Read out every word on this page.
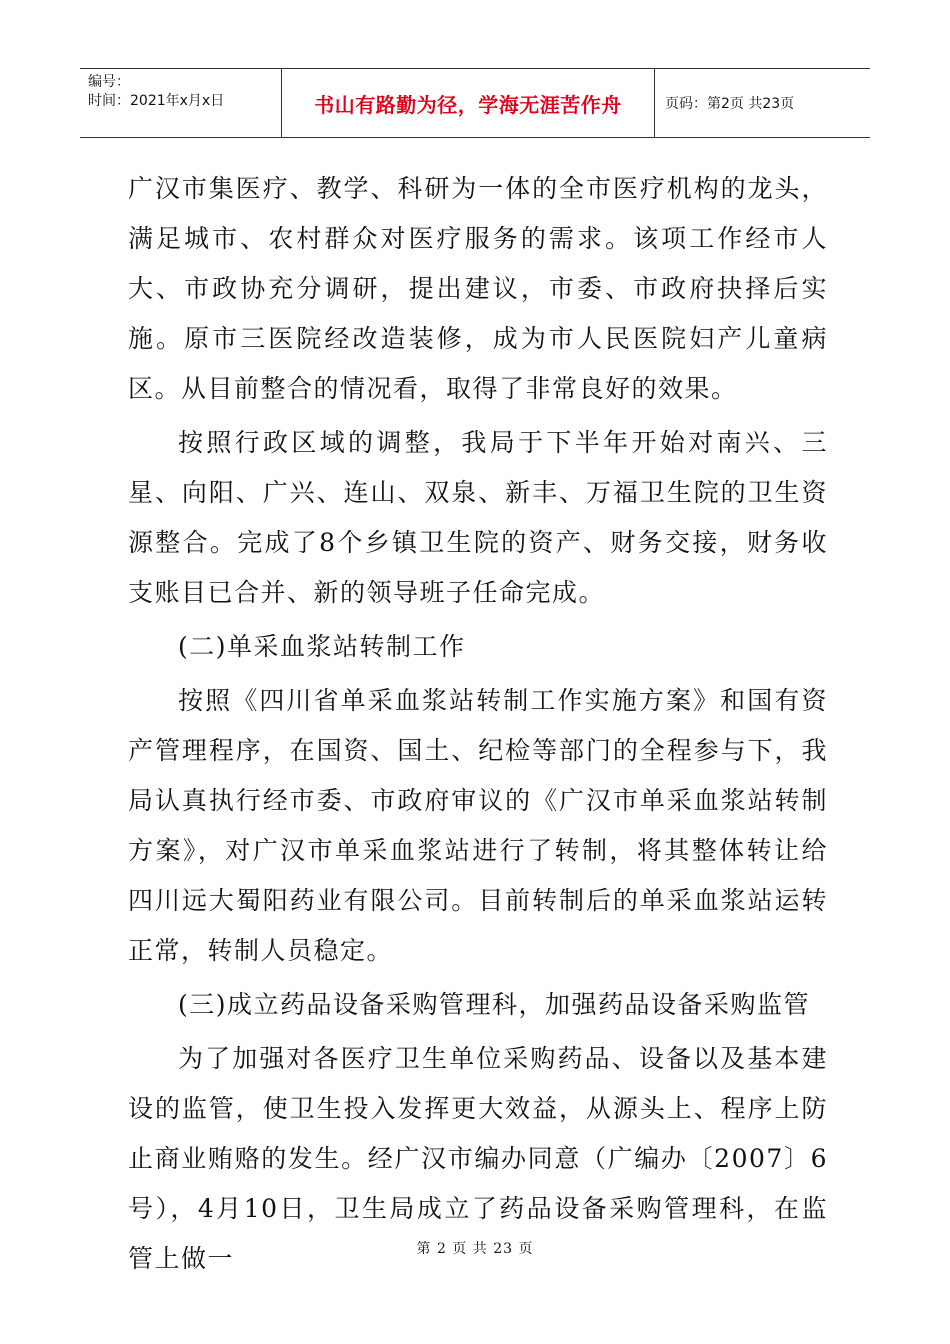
编号：
时间：2021年x月x日	书山有路勤为径，学海无涯苦作舟	页码：第2页 共23页

广汉市集医疗、教学、科研为一体的全市医疗机构的龙头，满足城市、农村群众对医疗服务的需求。该项工作经市人大、市政协充分调研，提出建议，市委、市政府抉择后实施。原市三医院经改造装修，成为市人民医院妇产儿童病区。从目前整合的情况看，取得了非常良好的效果。

按照行政区域的调整，我局于下半年开始对南兴、三星、向阳、广兴、连山、双泉、新丰、万福卫生院的卫生资源整合。完成了8个乡镇卫生院的资产、财务交接，财务收支账目已合并、新的领导班子任命完成。

(二)单采血浆站转制工作

按照《四川省单采血浆站转制工作实施方案》和国有资产管理程序，在国资、国土、纪检等部门的全程参与下，我局认真执行经市委、市政府审议的《广汉市单采血浆站转制方案》，对广汉市单采血浆站进行了转制，将其整体转让给四川远大蜀阳药业有限公司。目前转制后的单采血浆站运转正常，转制人员稳定。

(三)成立药品设备采购管理科，加强药品设备采购监管

为了加强对各医疗卫生单位采购药品、设备以及基本建设的监管，使卫生投入发挥更大效益，从源头上、程序上防止商业贿赂的发生。经广汉市编办同意（广编办〔2007〕6号），4月10日，卫生局成立了药品设备采购管理科，在监管上做一	第 2 页 共 23 页
